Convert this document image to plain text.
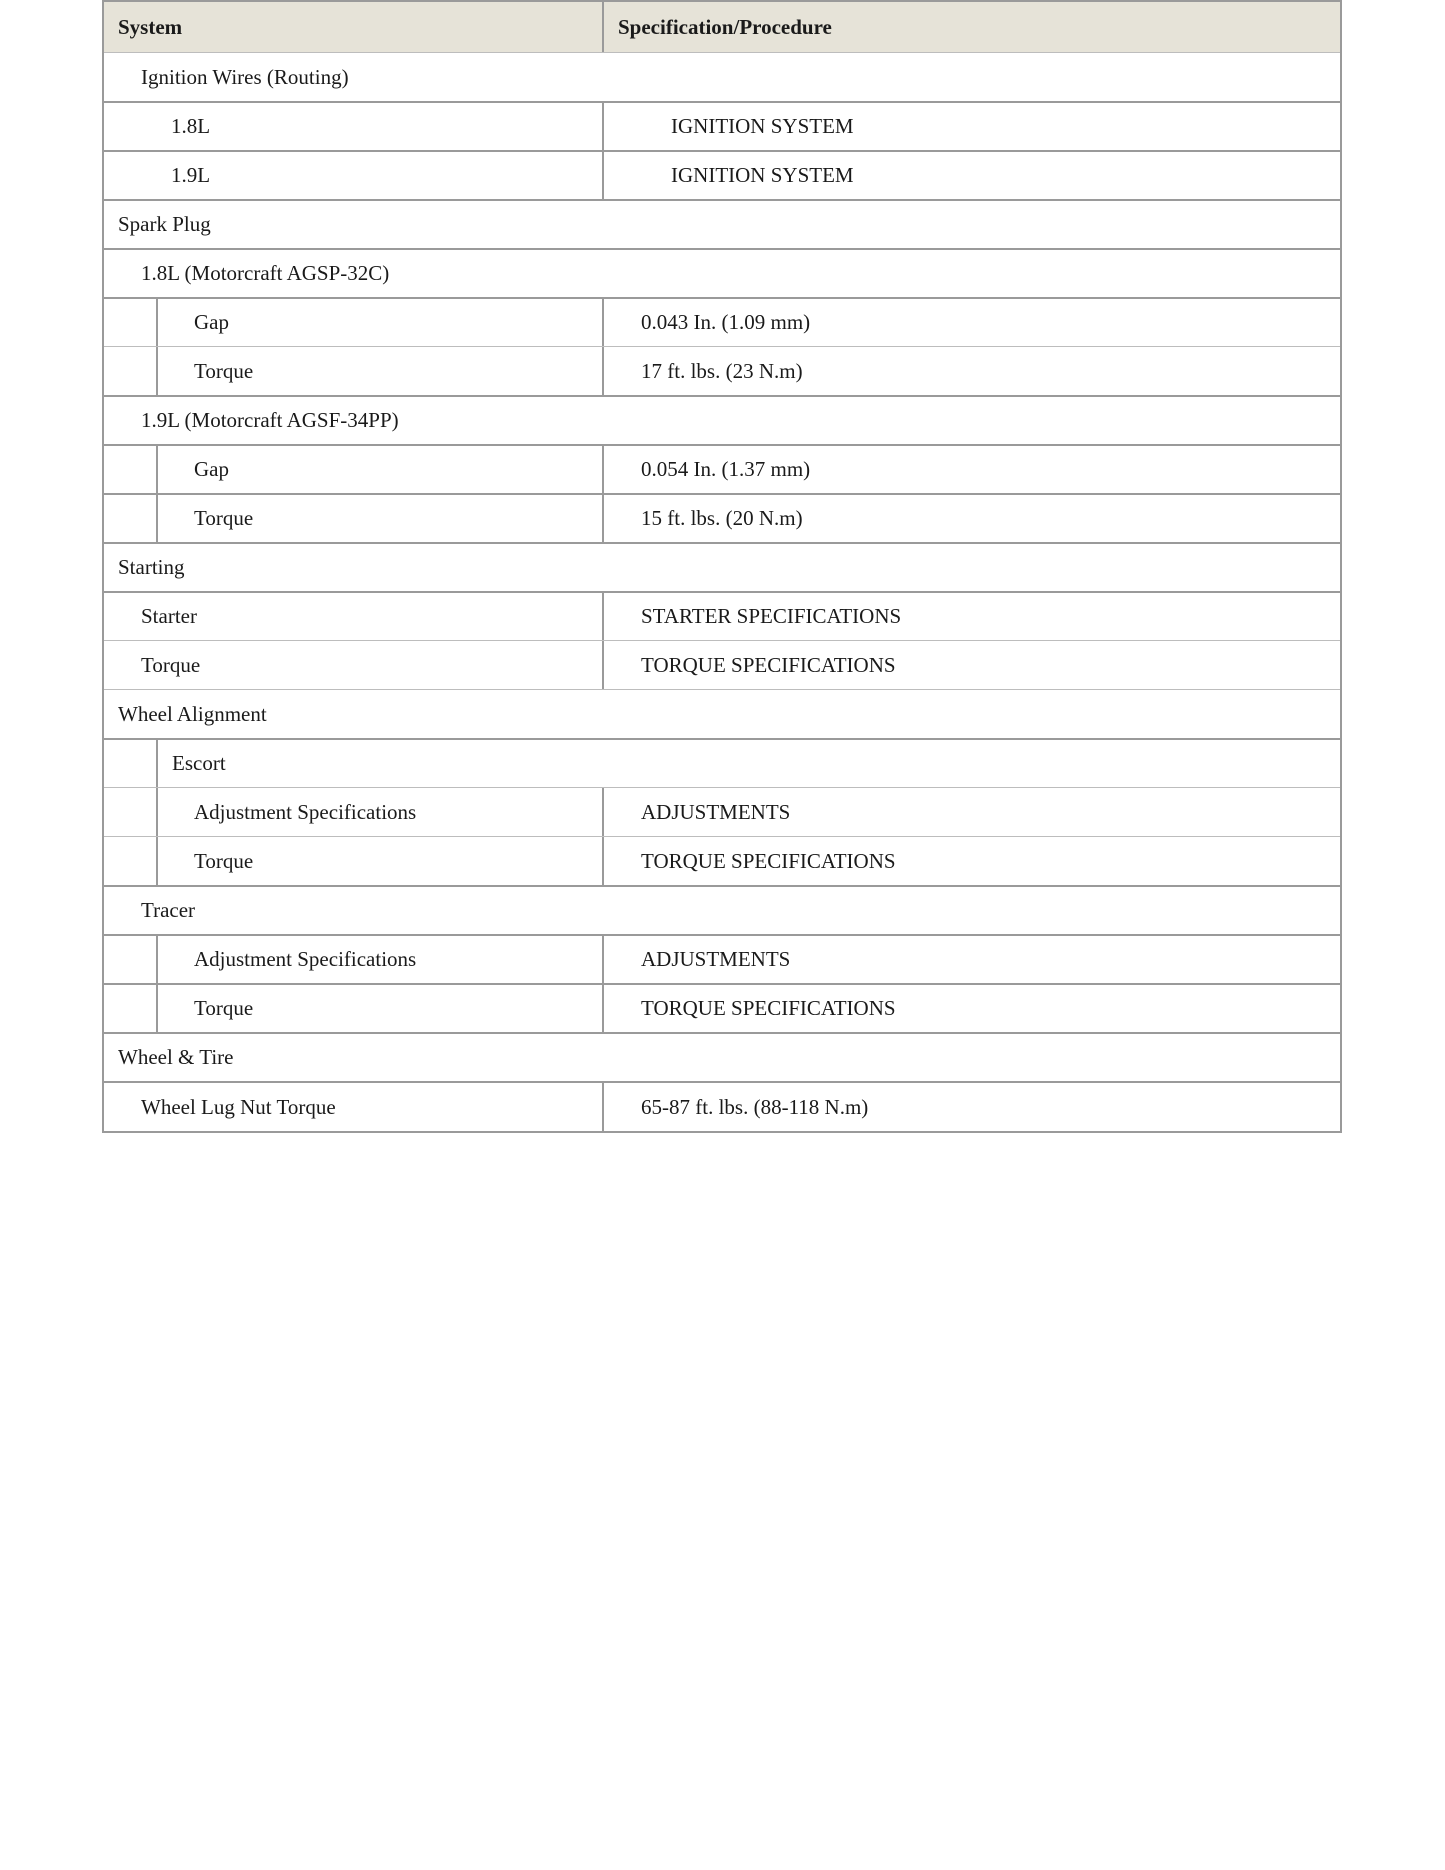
System	Specification/Procedure
Ignition Wires (Routing)
1.8L	IGNITION SYSTEM
1.9L	IGNITION SYSTEM
Spark Plug
1.8L (Motorcraft AGSP-32C)
Gap	0.043 In. (1.09 mm)
Torque	17 ft. lbs. (23 N.m)
1.9L (Motorcraft AGSF-34PP)
Gap	0.054 In. (1.37 mm)
Torque	15 ft. lbs. (20 N.m)
Starting
Starter	STARTER SPECIFICATIONS
Torque	TORQUE SPECIFICATIONS
Wheel Alignment
Escort
Adjustment Specifications	ADJUSTMENTS
Torque	TORQUE SPECIFICATIONS
Tracer
Adjustment Specifications	ADJUSTMENTS
Torque	TORQUE SPECIFICATIONS
Wheel & Tire
Wheel Lug Nut Torque	65-87 ft. lbs. (88-118 N.m)
